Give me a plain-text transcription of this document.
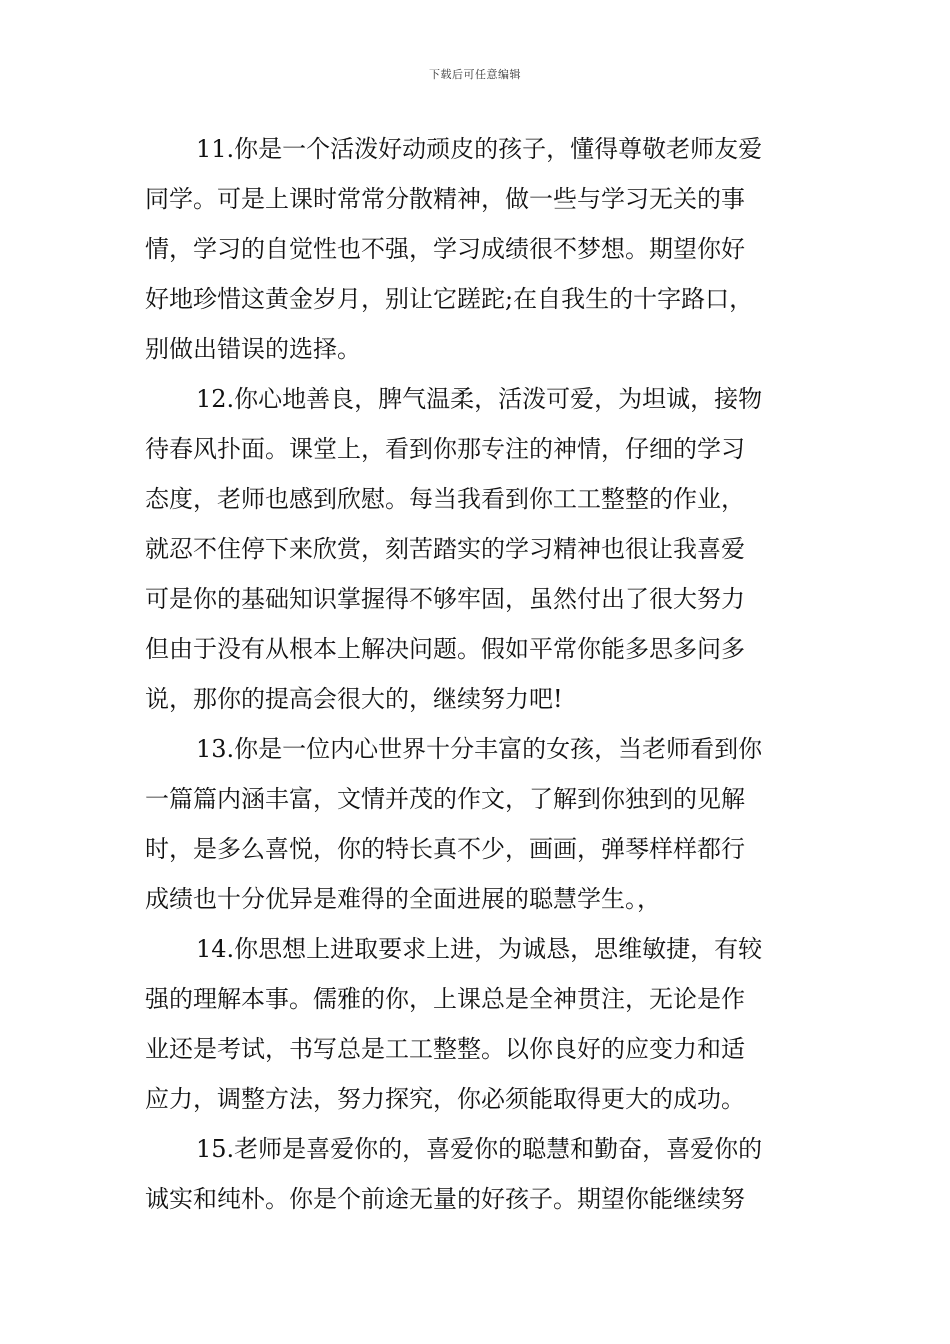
下载后可任意编辑
11.你是一个活泼好动顽皮的孩子，懂得尊敬老师友爱
同学。可是上课时常常分散精神，做一些与学习无关的事
情，学习的自觉性也不强，学习成绩很不梦想。期望你好
好地珍惜这黄金岁月，别让它蹉跎;在自我生的十字路口，
别做出错误的选择。
12.你心地善良，脾气温柔，活泼可爱，为坦诚，接物
待春风扑面。课堂上，看到你那专注的神情，仔细的学习
态度，老师也感到欣慰。每当我看到你工工整整的作业，
就忍不住停下来欣赏，刻苦踏实的学习精神也很让我喜爱
可是你的基础知识掌握得不够牢固，虽然付出了很大努力
但由于没有从根本上解决问题。假如平常你能多思多问多
说，那你的提高会很大的，继续努力吧!
13.你是一位内心世界十分丰富的女孩，当老师看到你
一篇篇内涵丰富，文情并茂的作文，了解到你独到的见解
时，是多么喜悦，你的特长真不少，画画，弹琴样样都行
成绩也十分优异是难得的全面进展的聪慧学生。，
14.你思想上进取要求上进，为诚恳，思维敏捷，有较
强的理解本事。儒雅的你，上课总是全神贯注，无论是作
业还是考试，书写总是工工整整。以你良好的应变力和适
应力，调整方法，努力探究，你必须能取得更大的成功。
15.老师是喜爱你的，喜爱你的聪慧和勤奋，喜爱你的
诚实和纯朴。你是个前途无量的好孩子。期望你能继续努
